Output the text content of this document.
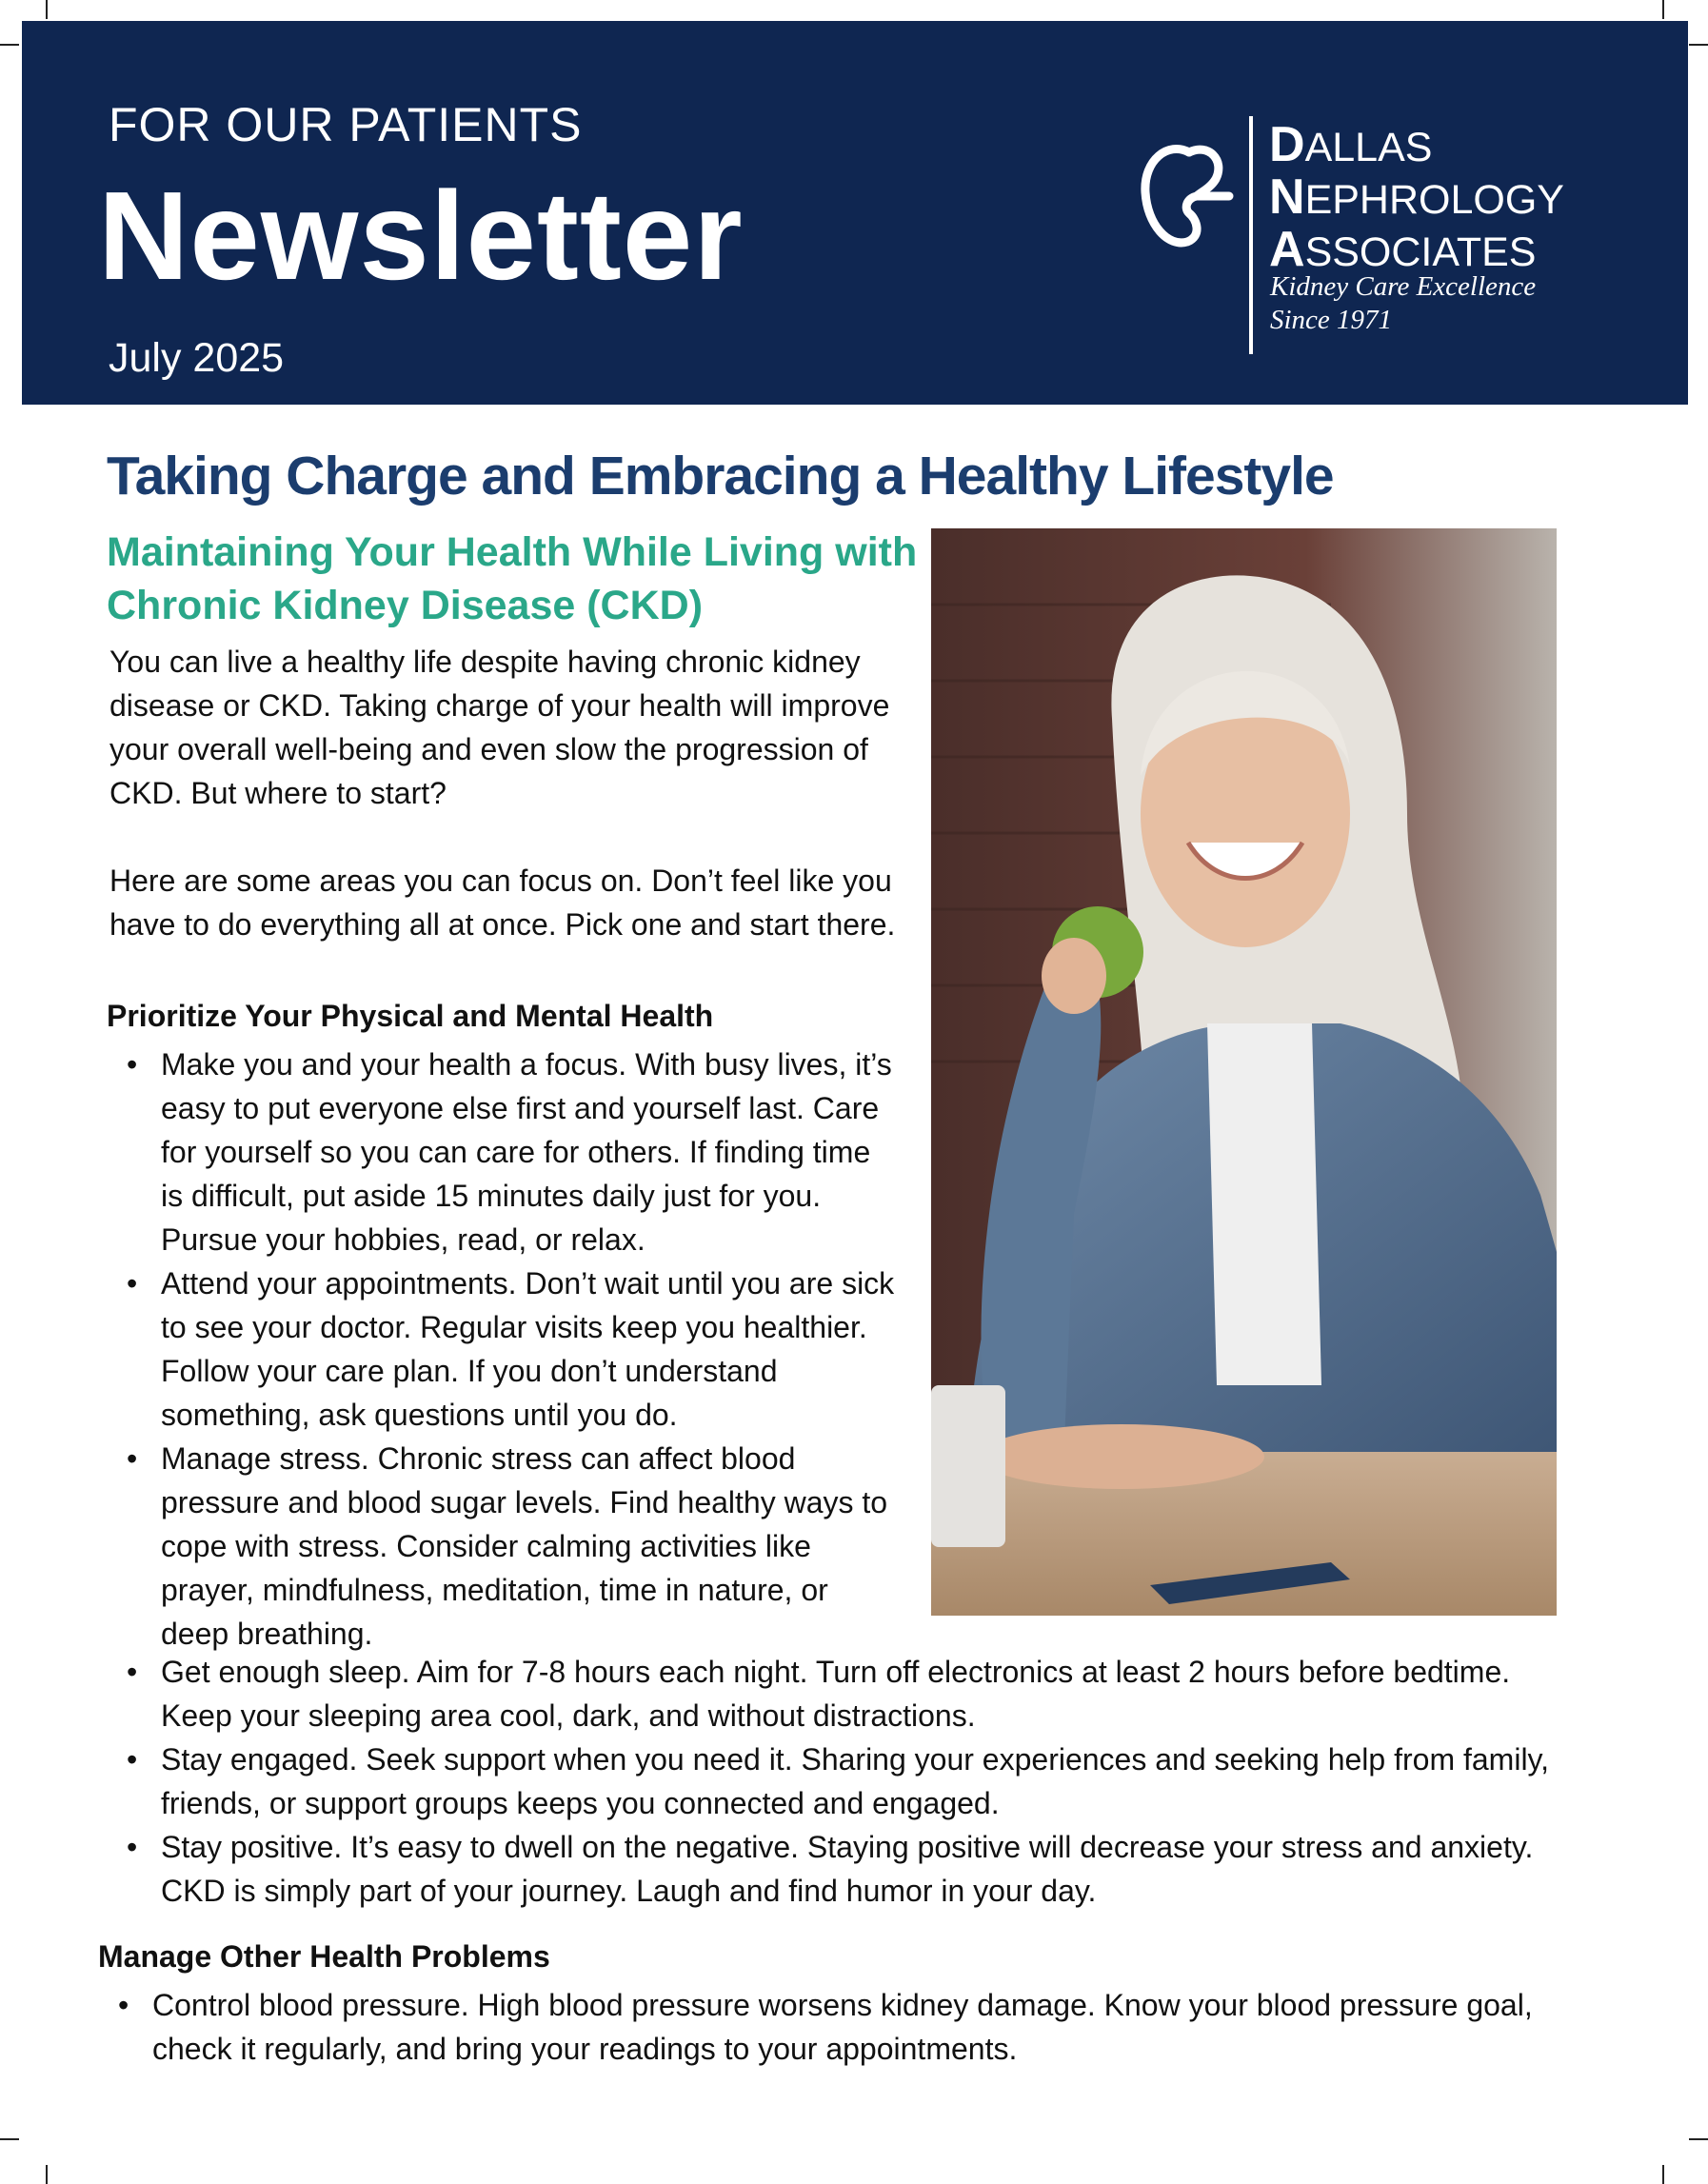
FOR OUR PATIENTS
Newsletter
July 2025
DALLAS
NEPHROLOGY
ASSOCIATES
Kidney Care Excellence
Since 1971
Taking Charge and Embracing a Healthy Lifestyle
Maintaining Your Health While Living with Chronic Kidney Disease (CKD)
You can live a healthy life despite having chronic kidney disease or CKD. Taking charge of your health will improve your overall well-being and even slow the progression of CKD. But where to start?
Here are some areas you can focus on. Don’t feel like you have to do everything all at once. Pick one and start there.
Prioritize Your Physical and Mental Health
• Make you and your health a focus. With busy lives, it’s easy to put everyone else first and yourself last. Care for yourself so you can care for others. If finding time is difficult, put aside 15 minutes daily just for you. Pursue your hobbies, read, or relax.
• Attend your appointments. Don’t wait until you are sick to see your doctor. Regular visits keep you healthier. Follow your care plan. If you don’t understand something, ask questions until you do.
• Manage stress. Chronic stress can affect blood pressure and blood sugar levels. Find healthy ways to cope with stress. Consider calming activities like prayer, mindfulness, meditation, time in nature, or deep breathing.
• Get enough sleep. Aim for 7-8 hours each night. Turn off electronics at least 2 hours before bedtime. Keep your sleeping area cool, dark, and without distractions.
• Stay engaged. Seek support when you need it. Sharing your experiences and seeking help from family, friends, or support groups keeps you connected and engaged.
• Stay positive. It’s easy to dwell on the negative. Staying positive will decrease your stress and anxiety. CKD is simply part of your journey. Laugh and find humor in your day.
Manage Other Health Problems
• Control blood pressure. High blood pressure worsens kidney damage. Know your blood pressure goal, check it regularly, and bring your readings to your appointments.
